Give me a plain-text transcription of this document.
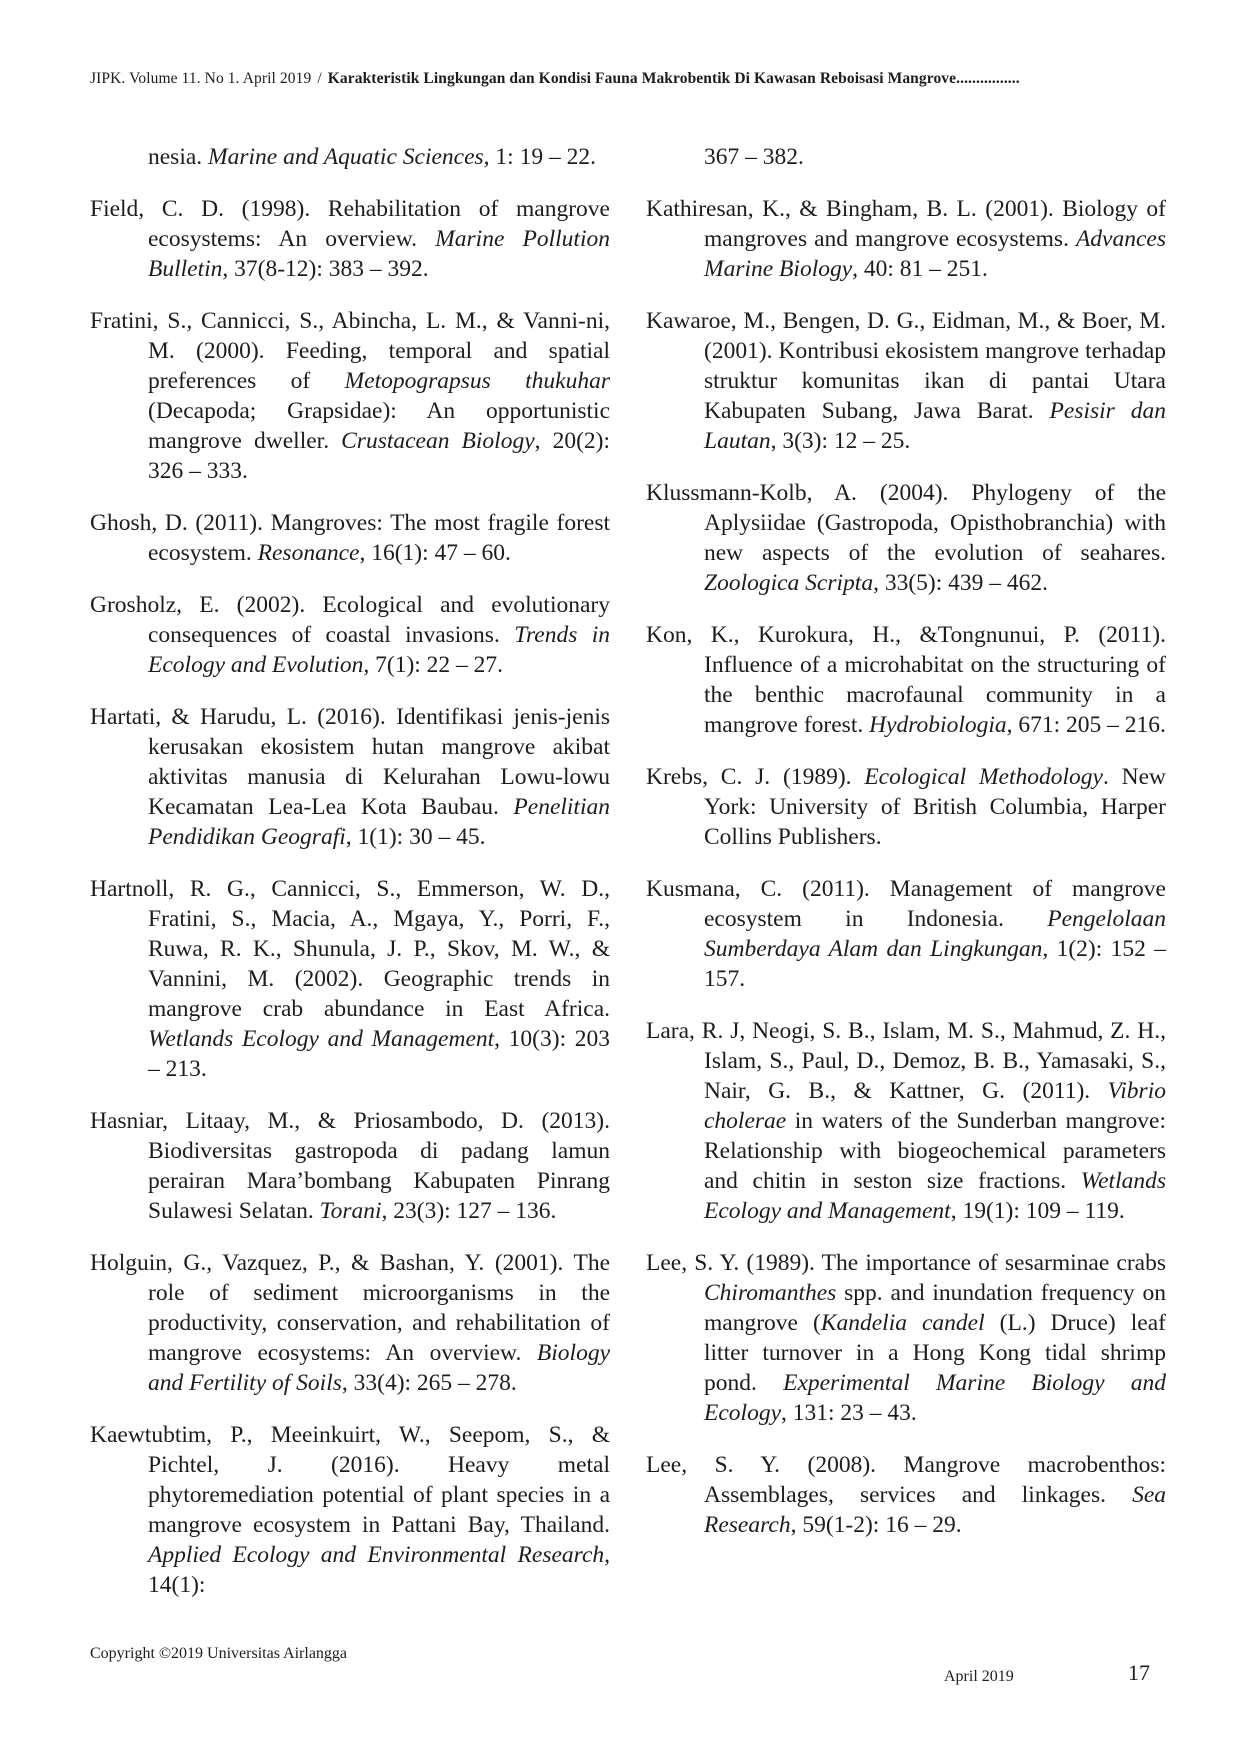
JIPK. Volume 11. No 1. April 2019 / Karakteristik Lingkungan dan Kondisi Fauna Makrobentik Di Kawasan Reboisasi Mangrove................

nesia. Marine and Aquatic Sciences, 1: 19 – 22.

Field, C. D. (1998). Rehabilitation of mangrove ecosystems: An overview. Marine Pollution Bulletin, 37(8-12): 383 – 392.

Fratini, S., Cannicci, S., Abincha, L. M., & Vanni-ni, M. (2000). Feeding, temporal and spatial preferences of Metopograpsus thukuhar (Decapoda; Grapsidae): An opportunistic mangrove dweller. Crustacean Biology, 20(2): 326 – 333.

Ghosh, D. (2011). Mangroves: The most fragile forest ecosystem. Resonance, 16(1): 47 – 60.

Grosholz, E. (2002). Ecological and evolutionary consequences of coastal invasions. Trends in Ecology and Evolution, 7(1): 22 – 27.

Hartati, & Harudu, L. (2016). Identifikasi jenis-jenis kerusakan ekosistem hutan mangrove akibat aktivitas manusia di Kelurahan Lowu-lowu Kecamatan Lea-Lea Kota Baubau. Penelitian Pendidikan Geografi, 1(1): 30 – 45.

Hartnoll, R. G., Cannicci, S., Emmerson, W. D., Fratini, S., Macia, A., Mgaya, Y., Porri, F., Ruwa, R. K., Shunula, J. P., Skov, M. W., & Vannini, M. (2002). Geographic trends in mangrove crab abundance in East Africa. Wetlands Ecology and Management, 10(3): 203 – 213.

Hasniar, Litaay, M., & Priosambodo, D. (2013). Biodiversitas gastropoda di padang lamun perairan Mara’bombang Kabupaten Pinrang Sulawesi Selatan. Torani, 23(3): 127 – 136.

Holguin, G., Vazquez, P., & Bashan, Y. (2001). The role of sediment microorganisms in the productivity, conservation, and rehabilitation of mangrove ecosystems: An overview. Biology and Fertility of Soils, 33(4): 265 – 278.

Kaewtubtim, P., Meeinkuirt, W., Seepom, S., & Pichtel, J. (2016). Heavy metal phytoremediation potential of plant species in a mangrove ecosystem in Pattani Bay, Thailand. Applied Ecology and Environmental Research, 14(1):

367 – 382.

Kathiresan, K., & Bingham, B. L. (2001). Biology of mangroves and mangrove ecosystems. Advances Marine Biology, 40: 81 – 251.

Kawaroe, M., Bengen, D. G., Eidman, M., & Boer, M. (2001). Kontribusi ekosistem mangrove terhadap struktur komunitas ikan di pantai Utara Kabupaten Subang, Jawa Barat. Pesisir dan Lautan, 3(3): 12 – 25.

Klussmann-Kolb, A. (2004). Phylogeny of the Aplysiidae (Gastropoda, Opisthobranchia) with new aspects of the evolution of seahares. Zoologica Scripta, 33(5): 439 – 462.

Kon, K., Kurokura, H., &Tongnunui, P. (2011). Influence of a microhabitat on the structuring of the benthic macrofaunal community in a mangrove forest. Hydrobiologia, 671: 205 – 216.

Krebs, C. J. (1989). Ecological Methodology. New York: University of British Columbia, Harper Collins Publishers.

Kusmana, C. (2011). Management of mangrove ecosystem in Indonesia. Pengelolaan Sumberdaya Alam dan Lingkungan, 1(2): 152 – 157.

Lara, R. J, Neogi, S. B., Islam, M. S., Mahmud, Z. H., Islam, S., Paul, D., Demoz, B. B., Yamasaki, S., Nair, G. B., & Kattner, G. (2011). Vibrio cholerae in waters of the Sunderban mangrove: Relationship with biogeochemical parameters and chitin in seston size fractions. Wetlands Ecology and Management, 19(1): 109 – 119.

Lee, S. Y. (1989). The importance of sesarminae crabs Chiromanthes spp. and inundation frequency on mangrove (Kandelia candel (L.) Druce) leaf litter turnover in a Hong Kong tidal shrimp pond. Experimental Marine Biology and Ecology, 131: 23 – 43.

Lee, S. Y. (2008). Mangrove macrobenthos: Assemblages, services and linkages. Sea Research, 59(1-2): 16 – 29.

Copyright ©2019 Universitas Airlangga
April 2019	17
